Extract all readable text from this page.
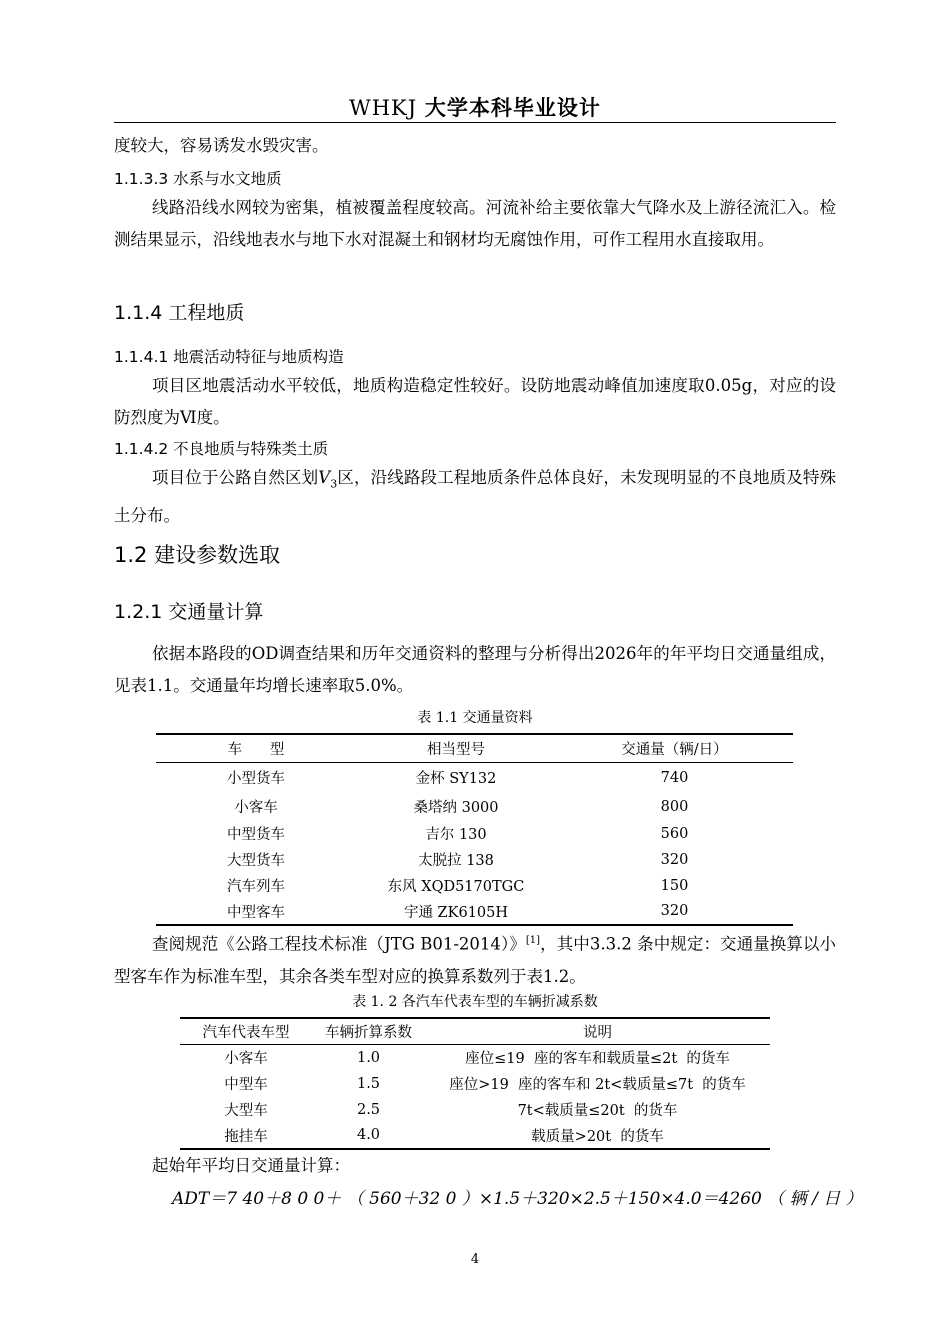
WHKJ 大学本科毕业设计
度较大，容易诱发水毁灾害。
1.1.3.3 水系与水文地质
线路沿线水网较为密集，植被覆盖程度较高。河流补给主要依靠大气降水及上游径流汇入。检测结果显示，沿线地表水与地下水对混凝土和钢材均无腐蚀作用，可作工程用水直接取用。
1.1.4 工程地质
1.1.4.1 地震活动特征与地质构造
项目区地震活动水平较低，地质构造稳定性较好。设防地震动峰值加速度取0.05g，对应的设防烈度为Ⅵ度。
1.1.4.2 不良地质与特殊类土质
项目位于公路自然区划$V_3$区，沿线路段工程地质条件总体良好，未发现明显的不良地质及特殊土分布。
1.2 建设参数选取
1.2.1 交通量计算
依据本路段的OD调查结果和历年交通资料的整理与分析得出2026年的年平均日交通量组成，见表1.1。交通量年均增长速率取5.0%。
表 1.1 交通量资料
车      型	相当型号	交通量（辆/日）
小型货车	金杯 SY132	740
小客车	桑塔纳 3000	800
中型货车	吉尔 130	560
大型货车	太脱拉 138	320
汽车列车	东风 XQD5170TGC	150
中型客车	宇通 ZK6105H	320
查阅规范《公路工程技术标准（JTG B01-2014）》[1]，其中3.3.2 条中规定：交通量换算以小型客车作为标准车型，其余各类车型对应的换算系数列于表1.2。
表 1. 2 各汽车代表车型的车辆折减系数
汽车代表车型	车辆折算系数	说明
小客车	1.0	座位≤19  座的客车和载质量≤2t  的货车
中型车	1.5	座位>19  座的客车和 2t<载质量≤7t  的货车
大型车	2.5	7t<载质量≤20t  的货车
拖挂车	4.0	载质量>20t  的货车
起始年平均日交通量计算：
ADT＝7 40＋8 0 0＋ （ 560＋32 0 ）×1.5＋320×2.5＋150×4.0＝4260 （ 辆 / 日 ）
4
